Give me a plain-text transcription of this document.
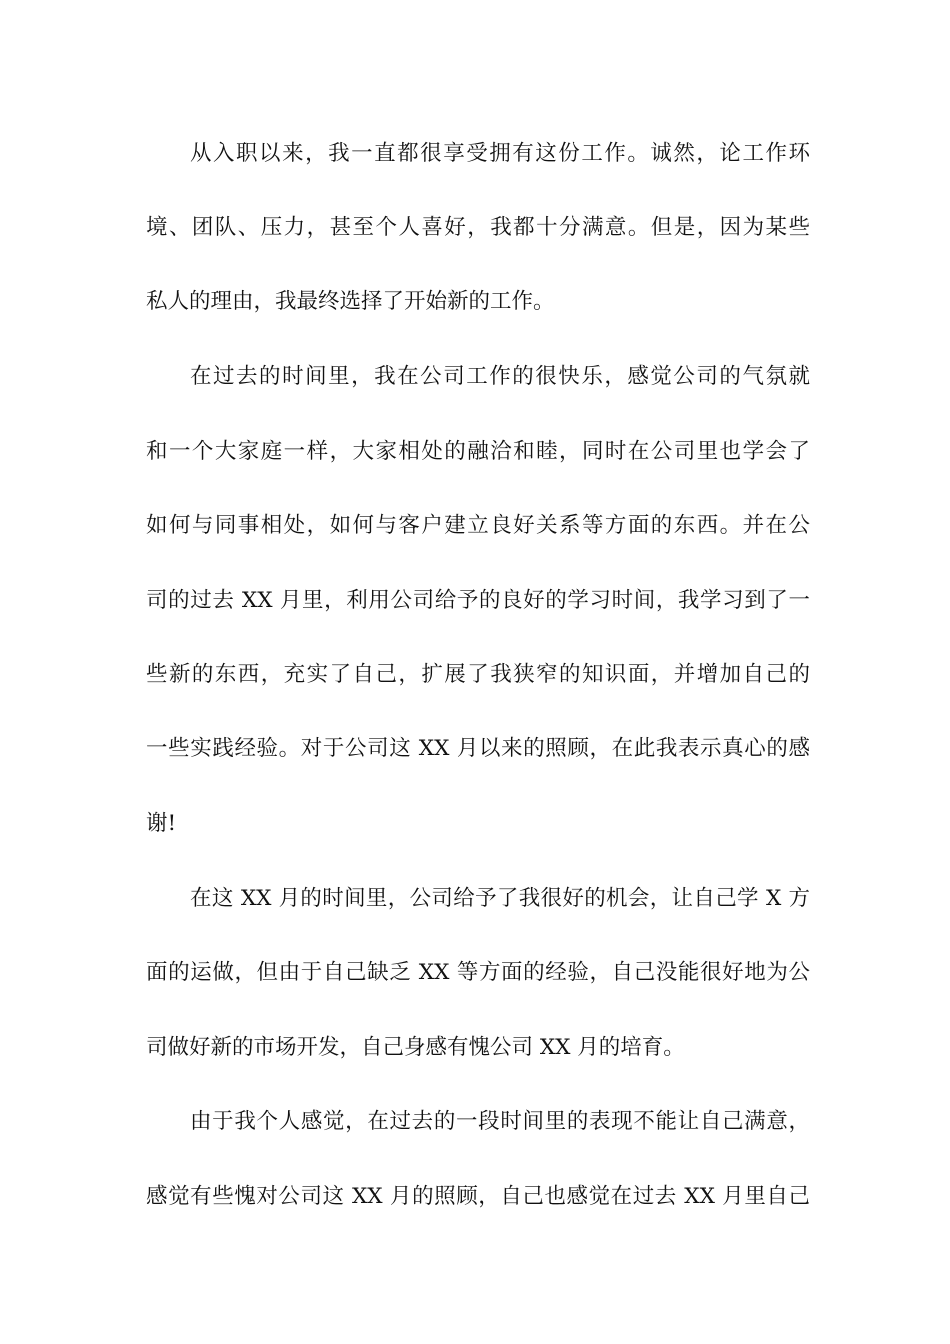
从入职以来，我一直都很享受拥有这份工作。诚然，论工作环
境、团队、压力，甚至个人喜好，我都十分满意。但是，因为某些
私人的理由，我最终选择了开始新的工作。
在过去的时间里，我在公司工作的很快乐，感觉公司的气氛就
和一个大家庭一样，大家相处的融洽和睦，同时在公司里也学会了
如何与同事相处，如何与客户建立良好关系等方面的东西。并在公
司的过去 XX 月里，利用公司给予的良好的学习时间，我学习到了一
些新的东西，充实了自己，扩展了我狭窄的知识面，并增加自己的
一些实践经验。对于公司这 XX 月以来的照顾，在此我表示真心的感
谢!
在这 XX 月的时间里，公司给予了我很好的机会，让自己学 X 方
面的运做，但由于自己缺乏 XX 等方面的经验，自己没能很好地为公
司做好新的市场开发，自己身感有愧公司 XX 月的培育。
由于我个人感觉，在过去的一段时间里的表现不能让自己满意，
感觉有些愧对公司这 XX 月的照顾，自己也感觉在过去 XX 月里自己
